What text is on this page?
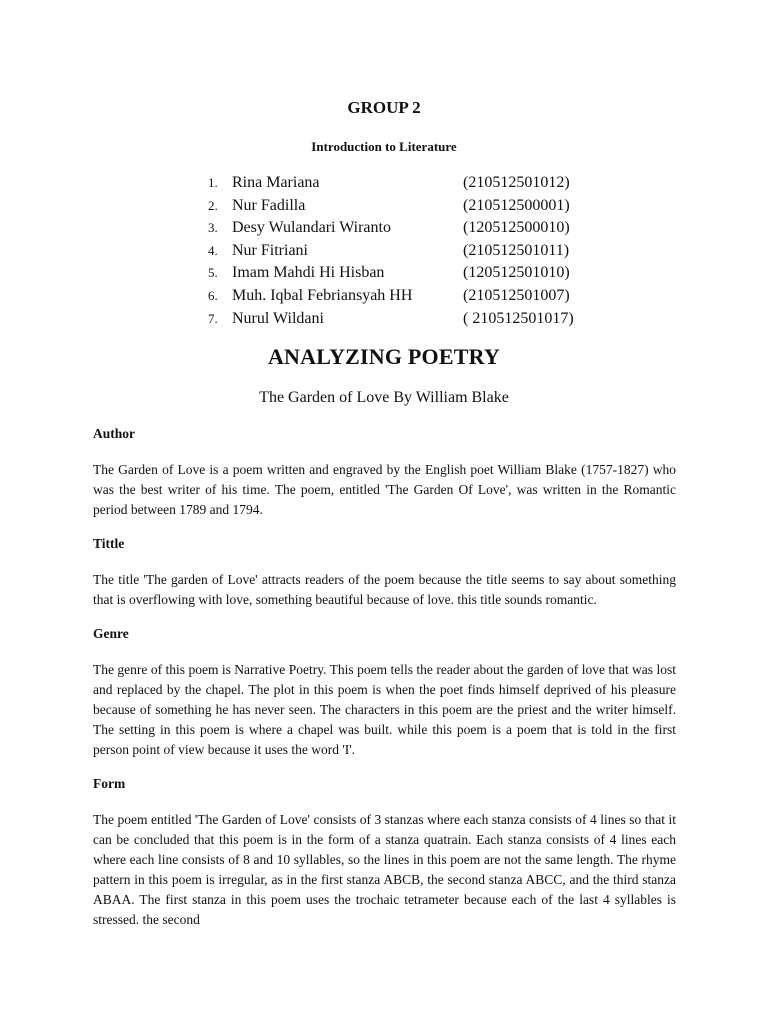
GROUP 2
Introduction to Literature
1. Rina Mariana	(210512501012)
2. Nur Fadilla	(210512500001)
3. Desy Wulandari Wiranto	(120512500010)
4. Nur Fitriani	(210512501011)
5. Imam Mahdi Hi Hisban	(120512501010)
6. Muh. Iqbal Febriansyah HH	(210512501007)
7. Nurul Wildani	( 210512501017)
ANALYZING POETRY
The Garden of Love By William Blake

Author

The Garden of Love is a poem written and engraved by the English poet William Blake (1757-1827) who was the best writer of his time. The poem, entitled 'The Garden Of Love', was written in the Romantic period between 1789 and 1794.

Tittle

The title 'The garden of Love' attracts readers of the poem because the title seems to say about something that is overflowing with love, something beautiful because of love. this title sounds romantic.

Genre

The genre of this poem is Narrative Poetry. This poem tells the reader about the garden of love that was lost and replaced by the chapel. The plot in this poem is when the poet finds himself deprived of his pleasure because of something he has never seen. The characters in this poem are the priest and the writer himself. The setting in this poem is where a chapel was built. while this poem is a poem that is told in the first person point of view because it uses the word 'I'.

Form

The poem entitled 'The Garden of Love' consists of 3 stanzas where each stanza consists of 4 lines so that it can be concluded that this poem is in the form of a stanza quatrain. Each stanza consists of 4 lines each where each line consists of 8 and 10 syllables, so the lines in this poem are not the same length. The rhyme pattern in this poem is irregular, as in the first stanza ABCB, the second stanza ABCC, and the third stanza ABAA. The first stanza in this poem uses the trochaic tetrameter because each of the last 4 syllables is stressed. the second
